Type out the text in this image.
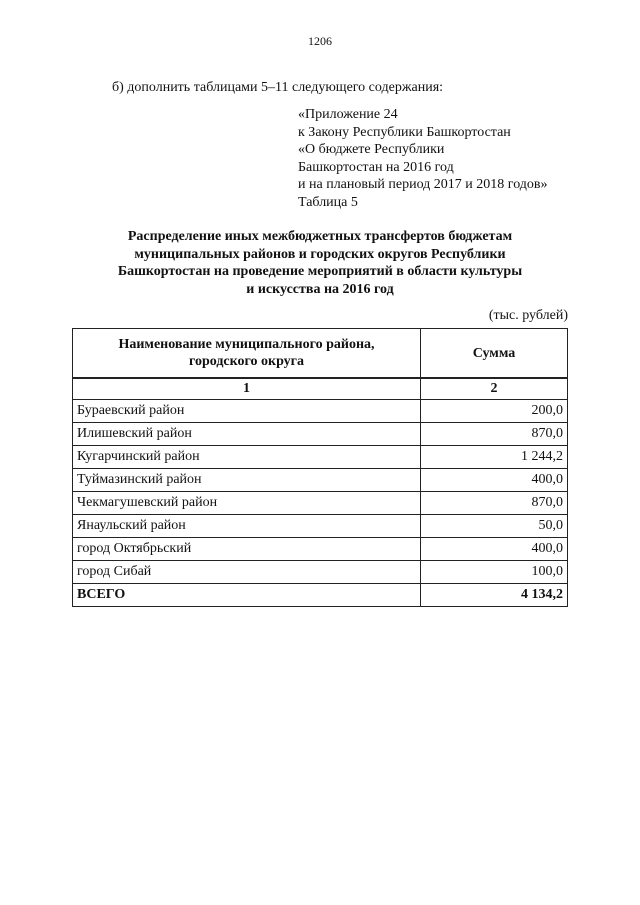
1206
б) дополнить таблицами 5–11 следующего содержания:
«Приложение 24
к Закону Республики Башкортостан
«О бюджете Республики
Башкортостан на 2016 год
и на плановый период 2017 и 2018 годов»
Таблица 5
Распределение иных межбюджетных трансфертов бюджетам
муниципальных районов и городских округов Республики
Башкортостан на проведение мероприятий в области культуры
и искусства на 2016 год
(тыс. рублей)
Наименование муниципального района,
городского округа	Сумма
1	2
Бураевский район	200,0
Илишевский район	870,0
Кугарчинский район	1 244,2
Туймазинский район	400,0
Чекмагушевский район	870,0
Янаульский район	50,0
город Октябрьский	400,0
город Сибай	100,0
ВСЕГО	4 134,2
